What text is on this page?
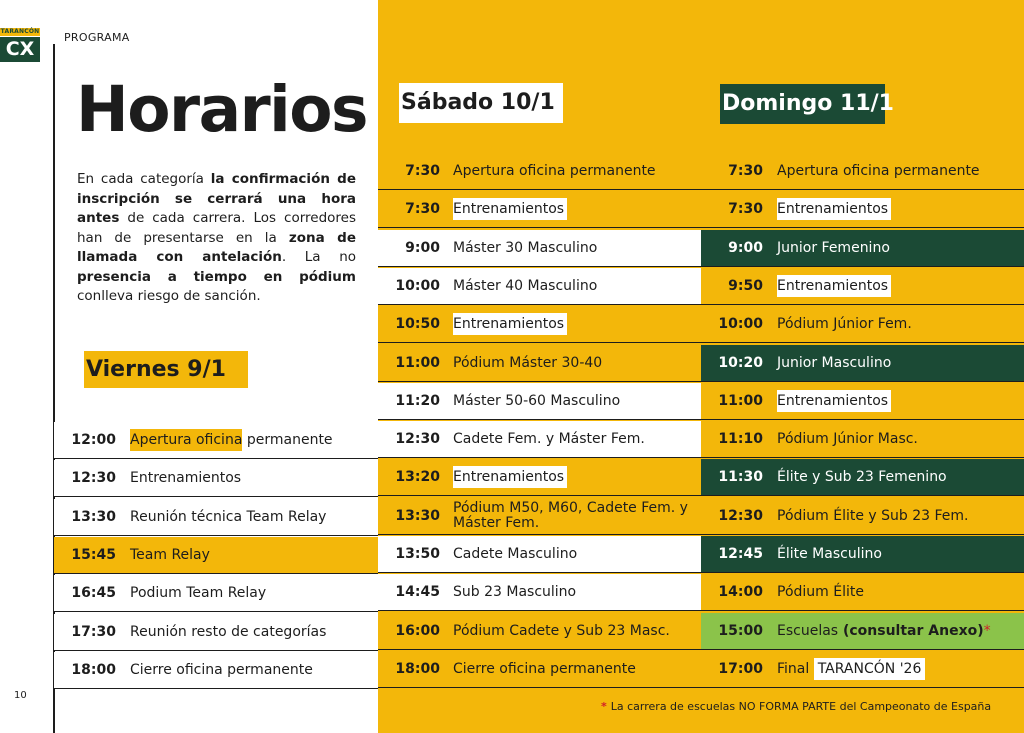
TARANCÓN
CX
PROGRAMA
10
Horarios
En cada categoría la confirmación de inscripción se cerrará una hora antes de cada carrera. Los corredores han de presentarse en la zona de llamada con antelación. La no presencia a tiempo en pódium conlleva riesgo de sanción.
Viernes 9/1
Sábado 10/1	Domingo 11/1
12:00 Apertura oficina permanente
12:30 Entrenamientos
13:30 Reunión técnica Team Relay
15:45 Team Relay
16:45 Podium Team Relay
17:30 Reunión resto de categorías
18:00 Cierre oficina permanente
7:30 Apertura oficina permanente
7:30 Entrenamientos
9:00 Máster 30 Masculino
10:00 Máster 40 Masculino
10:50 Entrenamientos
11:00 Pódium Máster 30-40
11:20 Máster 50-60 Masculino
12:30 Cadete Fem. y Máster Fem.
13:20 Entrenamientos
13:30 Pódium M50, M60, Cadete Fem. y Máster Fem.
13:50 Cadete Masculino
14:45 Sub 23 Masculino
16:00 Pódium Cadete y Sub 23 Masc.
18:00 Cierre oficina permanente
7:30 Apertura oficina permanente
7:30 Entrenamientos
9:00 Junior Femenino
9:50 Entrenamientos
10:00 Pódium Júnior Fem.
10:20 Junior Masculino
11:00 Entrenamientos
11:10 Pódium Júnior Masc.
11:30 Élite y Sub 23 Femenino
12:30 Pódium Élite y Sub 23 Fem.
12:45 Élite Masculino
14:00 Pódium Élite
15:00 Escuelas (consultar Anexo)*
17:00 Final TARANCÓN '26
* La carrera de escuelas NO FORMA PARTE del Campeonato de España
